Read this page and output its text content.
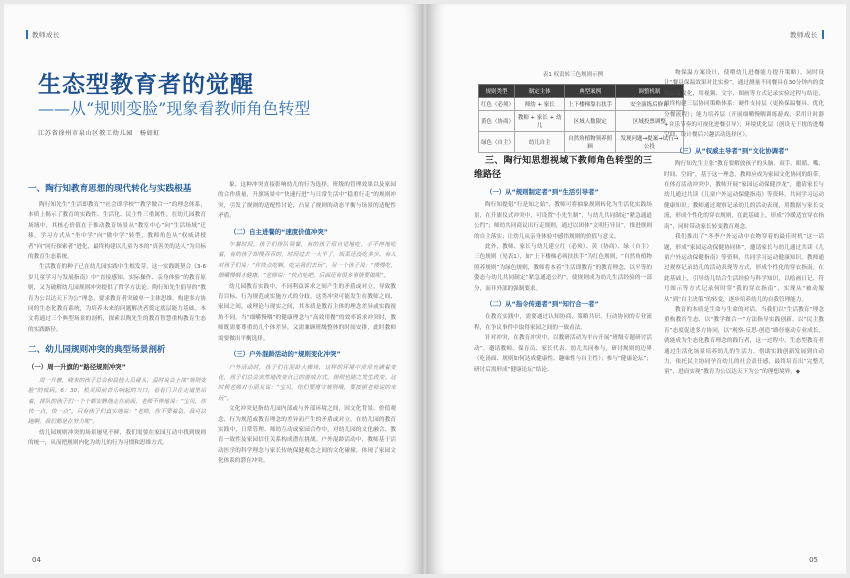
教师成长
生态型教育者的觉醒
——从“规则变脸”现象看教师角色转型
江苏省徐州市泉山区教工幼儿园　杨如虹
一、陶行知教育思想的现代转化与实践根基

陶行知先生“生活即教育”“社会即学校”“教学做合一”的理念体系，本质上揭示了教育的实践性、生活化、民主性三重属性。在幼儿园教育场域中，其核心价值在于推动教育场景从“教室中心”向“生活场域”迁移。学习方式从“坐中学”向“做中学”转型，教师角色从“权威讲授者”向“同行探索者”进化，最终构建以儿童为本的“真善美的达人”为目标的教育生态系统。

生活教育的种子已在幼儿园实践中生根发芽，这一实践既契合《3-6岁儿童学习与发展指南》中“直接感知、实际操作、亲身体验”的教育原则，又为破解幼儿园规则冲突提供了哲学方法论。陶行知先生倡导的“教育为公以达天下为公”理念，要求教育者突破单一主体思维，构建多方协同的生态化教育系统，为培养未来的问题解决者奠定底层能力基础。本文将通过三个典型场景的剖析，探索以陶先生的教育智慧重构教育生态的实践路径。

二、幼儿园规则冲突的典型场景剖析
（一）周一升旗的“路径规则冲突”

周一升旗，晓来的孩子总会和晨检人员碰头，温时说会上演“规则变脸”的戏码。6：30，机灵园前音乐响起的当口，看看门卫在走道里站着，排队的孩子们一个个都安静地走在前面，老师不停地说：“宝贝，你快一点，快一点”。只有孩子们真实地说：“老师，你不要着急，我可以跑啊，我们都是在努力呢”。

幼儿园规则冲突的场景屡见不鲜，我们需要在家园互动中找到规则的统一，从而把规则内化为幼儿的行为习惯和思维方式。

象。这种冲突直接影响幼儿的行为选择，班级的管理效果以及家园的合作质量，升旗场景中“快速行进”与日常生活中“稳重行走”的规则冲突，引发了规则的适配性讨论，凸显了规则的动态平衡与场景的适配性矛盾。

（二）自主进餐的“速度价值冲突”

午餐时间，孩子们排队领餐，有的孩子很自觉地吃，手不停地吃着，有的孩子却慢吞吞的，时间过去一大半了，饭菜还没吃多少。有人对孩子们说：“你快点吃啊，吃完我们去玩”，另一个孩子说：“慢慢吃，细嚼慢咽才健康。”老师说：“快点吃吧，后面还有很多事情要做呢”。

幼儿园教育实践中，不同利益诉求之间产生的矛盾或对立，导致教育目标、行为规范或实施方式的分歧。这类冲突可能发生在教师之间、家园之间，或理论与现实之间，其本质是教育主体的理念差异或实践视角不同。当“细嚼慢咽”的健康理念与“高效用餐”的效率诉求冲突时，教师既需要尊重幼儿个体差异，又需兼顾班级整体的时间安排，此时教师需要做出平衡选择。

（三）户外混龄活动的“规则变化冲突”

户外活动时，孩子们在混龄大操场，这样的环境中常常充满着变化，孩子们总会突然地改变自己的游戏方式，规则也随之发生改变。这时候老师对小朋友说：“宝贝，你们要遵守规则哦，要按照老师说的来玩”。

文化冲突是指幼儿园内部或与外部环境之间，因文化背景、价值观念、行为规范或教育理念的差异而产生的矛盾或对立。在幼儿园的教育实践中，日常管理、师幼互动或家园合作中，对幼儿园的文化融合、教育一致性及家园信任关系构成潜在挑战。户外混龄活动中，教师基于活动医学的科学理念与家长传统保健观念之间的文化碰撞，体现了家园文化体系的潜在冲突。

04
教师成长
表1 权责转三色规则示例
规则类型	制定主体	典型案例	调整机制
红色（必须）	师幼 + 家长	上下楼梯靠右扶手	安全演练后修订
黄色（协商）	教师 + 家长 + 幼儿	区域人数限定	区域投票调整
绿色（自主）	幼儿自主	自然角植物领养照顾	发现问题→提案→试行→公投

三、陶行知思想视域下教师角色转型的三维路径

（一）从“规则制定者”到“生活引导者”

陶行知提倡“行是知之始”，教师可将抽象规则转化为生活化实践场景，在升旗仪式冲突中，可设置“小先生制”，与幼儿共同制定“紧急通道公约”；师幼共同商议出行走规则，通过以团体“文明行导员”，推进规则的自主落实；让幼儿从亲身体验中感悟规则的价值与意义。

此外，教师、家长与幼儿建立红（必须）、黄（协商）、绿（自主）三色规则（见表1），如“上下楼梯必须扶扶手”为红色规则，“自然角植物照养规则”为绿色规则，教师将本着“生活即教育”的教育理念，以平等的姿态与幼儿共同制定“紧急通道公约”，使规则成为幼儿生活经验的一部分，而非外部的强制要求。

（二）从“指令传递者”到“知行合一者”

在教育实践中，需要通过认知协商、策略共识、行动协同的专业流程，在争议事件中取得家园之间的一致看法。

针对冲突，在教育冲突中，以教研活动为平台开展“班级专题研讨活动”，邀请教师、保育员、家长代表、幼儿共同参与，研讨规则的边界（吃汤面、规则如何达成健康性、趣味性与自主性）；参与“健康论坛”；研讨后需形成“健康论坛”结论。

物保温方案设计，使喂幼儿进餐能力提升策略）。同时设计“餐具保温效果对比实验”，通过测量不同餐具在30分钟内的食物温度变化，用视频、文字、图画等方式记录实验过程与结论，最终构建三层协同策略体系：硬件支持层（更换保温餐具、优化分餐流程）；能力培养层（开展细嚼慢咽训练游戏，采用计时器+音乐节奏的可视化进餐引导）；环境优化层（创设无干扰的进餐空间，设计餐后兴趣活动选择区）。

（三）从“权威主导者”到“文化协调者”

陶行知先生主张“教育要解放孩子的头脑、双手、眼睛、嘴、时间、空间”，基于这一理念，教师应成为家园文化协同的组带。在体育活动冲突中，教师开展“家园运动保健沙龙”，邀请家长与幼儿通过共读《儿童户外运动保健指南》等资料，共同学习运动健康知识；教师通过观察记录幼儿的活动表现，用数据与家长交流，形成个性化的穿衣规则，在此基础上，形成“冷暖适宜穿衣指南”，同时带动家长转变教育观念。

我们推出了“冬季户外运动中衣物穿着的最佳时机”这一话题，形成“家园运动保健协同体”，邀请家长与幼儿通过共读《儿童户外运动保健指南》等资料，共同学习运动健康知识，教师通过观察记录幼儿的活动表现等方式，形成个性化的穿衣指南；在此基础上，引导幼儿结合生活经验与科学知识，以绘画日记、符号图示等方式记录何时穿“我的穿衣指南”，实现从“被动服从”到“自主决策”的转变，逐步培养幼儿的自我管理能力。

教育的本质是生命与生命的对话。当我们以“生活教育”理念重构教育生态，以“教学做合一”方法指导实践创新，以“民主教育”态度促进多方协同，以“观察-反思-创造”路径驱动专业成长，就能成为生态化教育理念的践行者，这一过程中，生态型教育者通过生活化场景培养幼儿的生活力，借助实践创新发展到自动力，依托民主协同孕育幼儿的社会责任感，最终培育出“完整儿童”，进而实现“教育为公以达天下为公”的理想境界。◆

05
